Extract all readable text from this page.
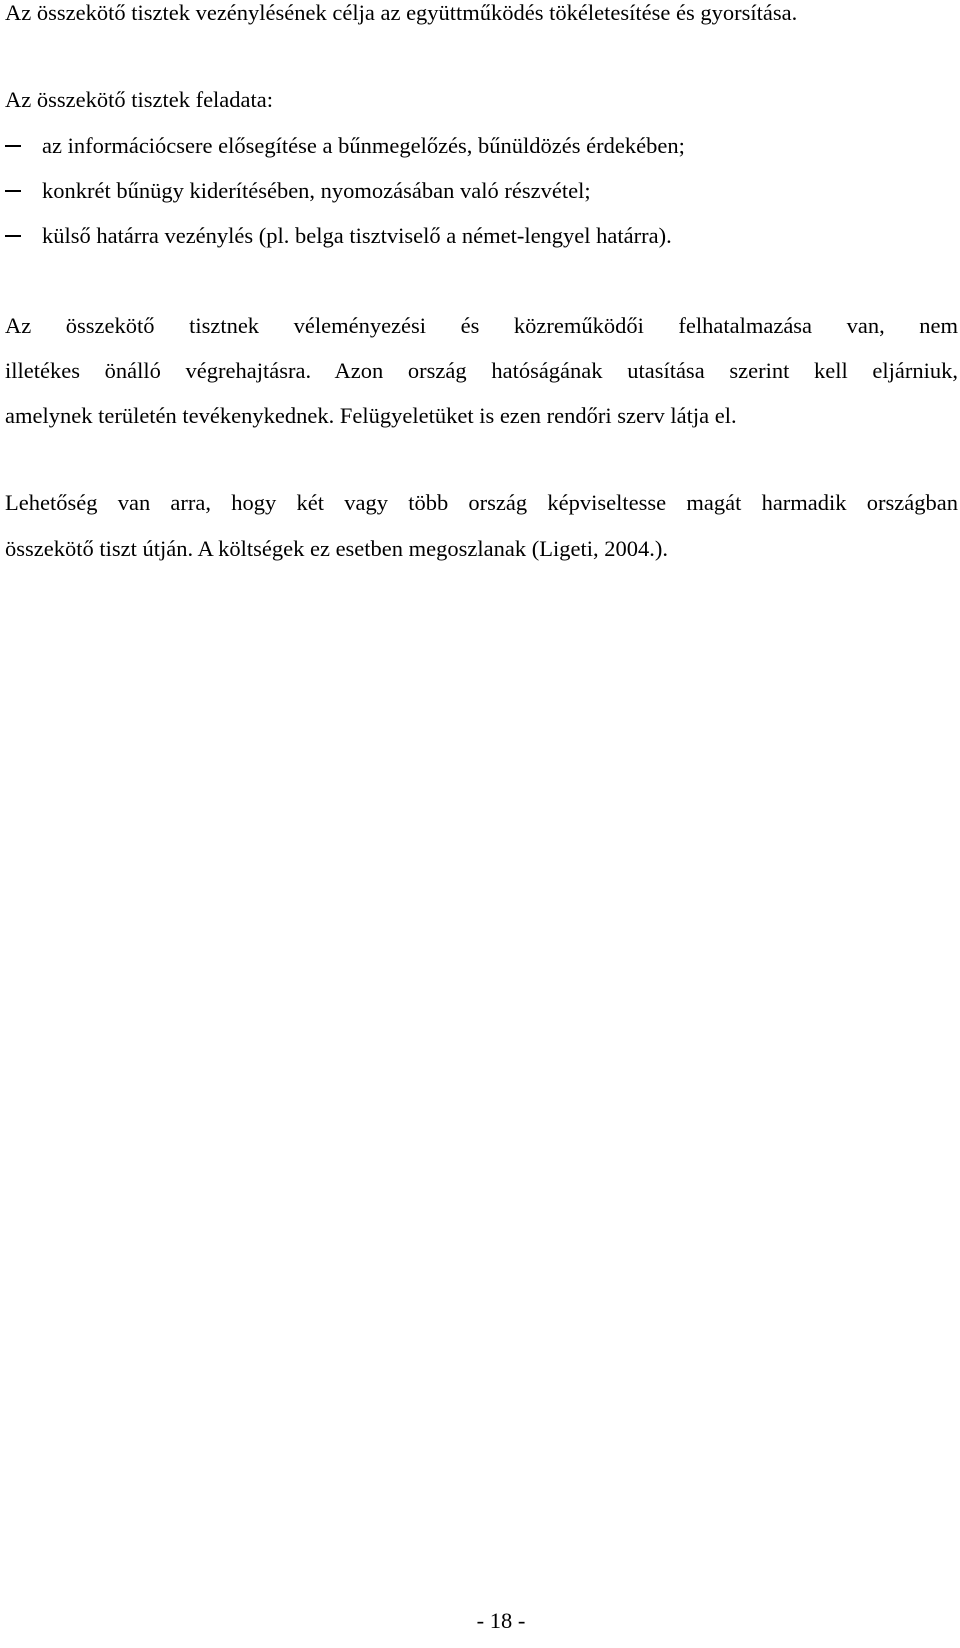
Az összekötő tisztek vezénylésének célja az együttműködés tökéletesítése és gyorsítása.
Az összekötő tisztek feladata:
az információcsere elősegítése a bűnmegelőzés, bűnüldözés érdekében;
konkrét bűnügy kiderítésében, nyomozásában való részvétel;
külső határra vezénylés (pl. belga tisztviselő a német-lengyel határra).
Az összekötő tisztnek véleményezési és közreműködői felhatalmazása van, nem
illetékes önálló végrehajtásra. Azon ország hatóságának utasítása szerint kell eljárniuk,
amelynek területén tevékenykednek. Felügyeletüket is ezen rendőri szerv látja el.
Lehetőség van arra, hogy két vagy több ország képviseltesse magát harmadik országban
összekötő tiszt útján. A költségek ez esetben megoszlanak (Ligeti, 2004.).
- 18 -
